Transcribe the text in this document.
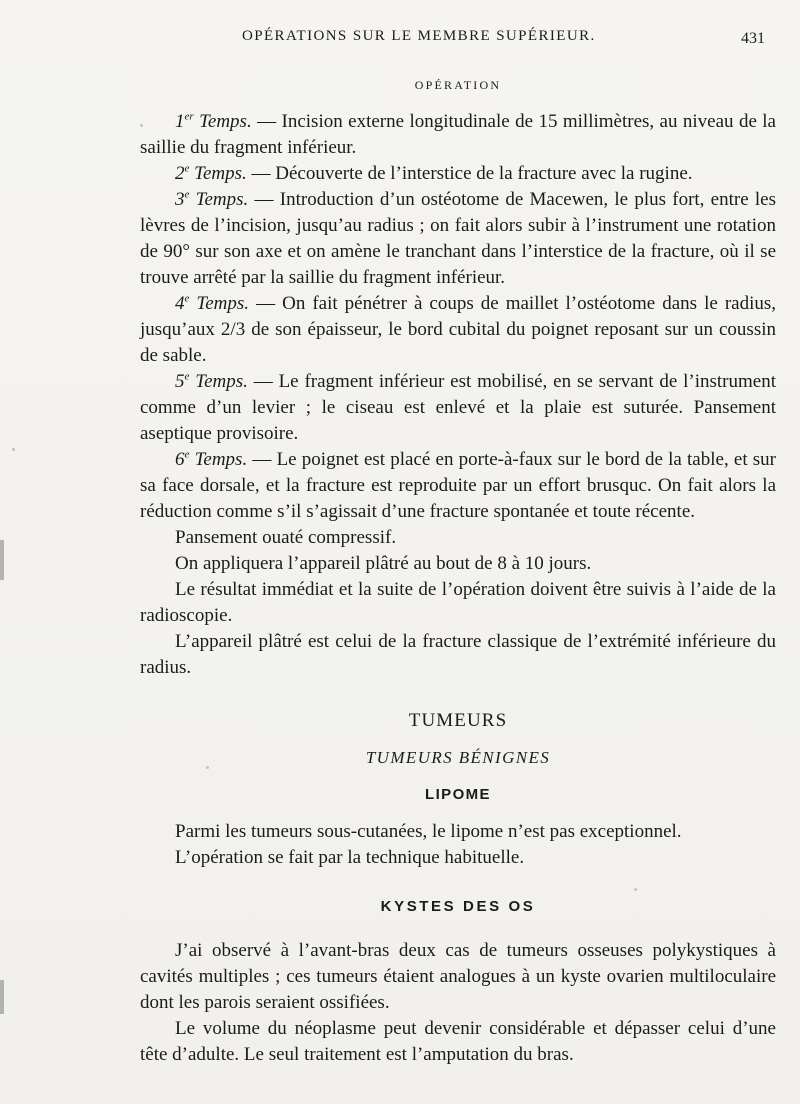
OPÉRATIONS SUR LE MEMBRE SUPÉRIEUR.	431
OPÉRATION

1er Temps. — Incision externe longitudinale de 15 millimètres, au niveau de la saillie du fragment inférieur.

2e Temps. — Découverte de l’interstice de la fracture avec la rugine.

3e Temps. — Introduction d’un ostéotome de Macewen, le plus fort, entre les lèvres de l’incision, jusqu’au radius ; on fait alors subir à l’instrument une rotation de 90° sur son axe et on amène le tranchant dans l’interstice de la fracture, où il se trouve arrêté par la saillie du fragment inférieur.

4e Temps. — On fait pénétrer à coups de maillet l’ostéotome dans le radius, jusqu’aux 2/3 de son épaisseur, le bord cubital du poignet reposant sur un coussin de sable.

5e Temps. — Le fragment inférieur est mobilisé, en se servant de l’instrument comme d’un levier ; le ciseau est enlevé et la plaie est suturée. Pansement aseptique provisoire.

6e Temps. — Le poignet est placé en porte-à-faux sur le bord de la table, et sur sa face dorsale, et la fracture est reproduite par un effort brusquc. On fait alors la réduction comme s’il s’agissait d’une fracture spontanée et toute récente.

Pansement ouaté compressif.

On appliquera l’appareil plâtré au bout de 8 à 10 jours.

Le résultat immédiat et la suite de l’opération doivent être suivis à l’aide de la radioscopie.

L’appareil plâtré est celui de la fracture classique de l’extrémité inférieure du radius.

TUMEURS
TUMEURS BÉNIGNES
LIPOME

Parmi les tumeurs sous-cutanées, le lipome n’est pas exceptionnel.

L’opération se fait par la technique habituelle.

KYSTES DES OS

J’ai observé à l’avant-bras deux cas de tumeurs osseuses polykystiques à cavités multiples ; ces tumeurs étaient analogues à un kyste ovarien multiloculaire dont les parois seraient ossifiées.

Le volume du néoplasme peut devenir considérable et dépasser celui d’une tête d’adulte. Le seul traitement est l’amputation du bras.
